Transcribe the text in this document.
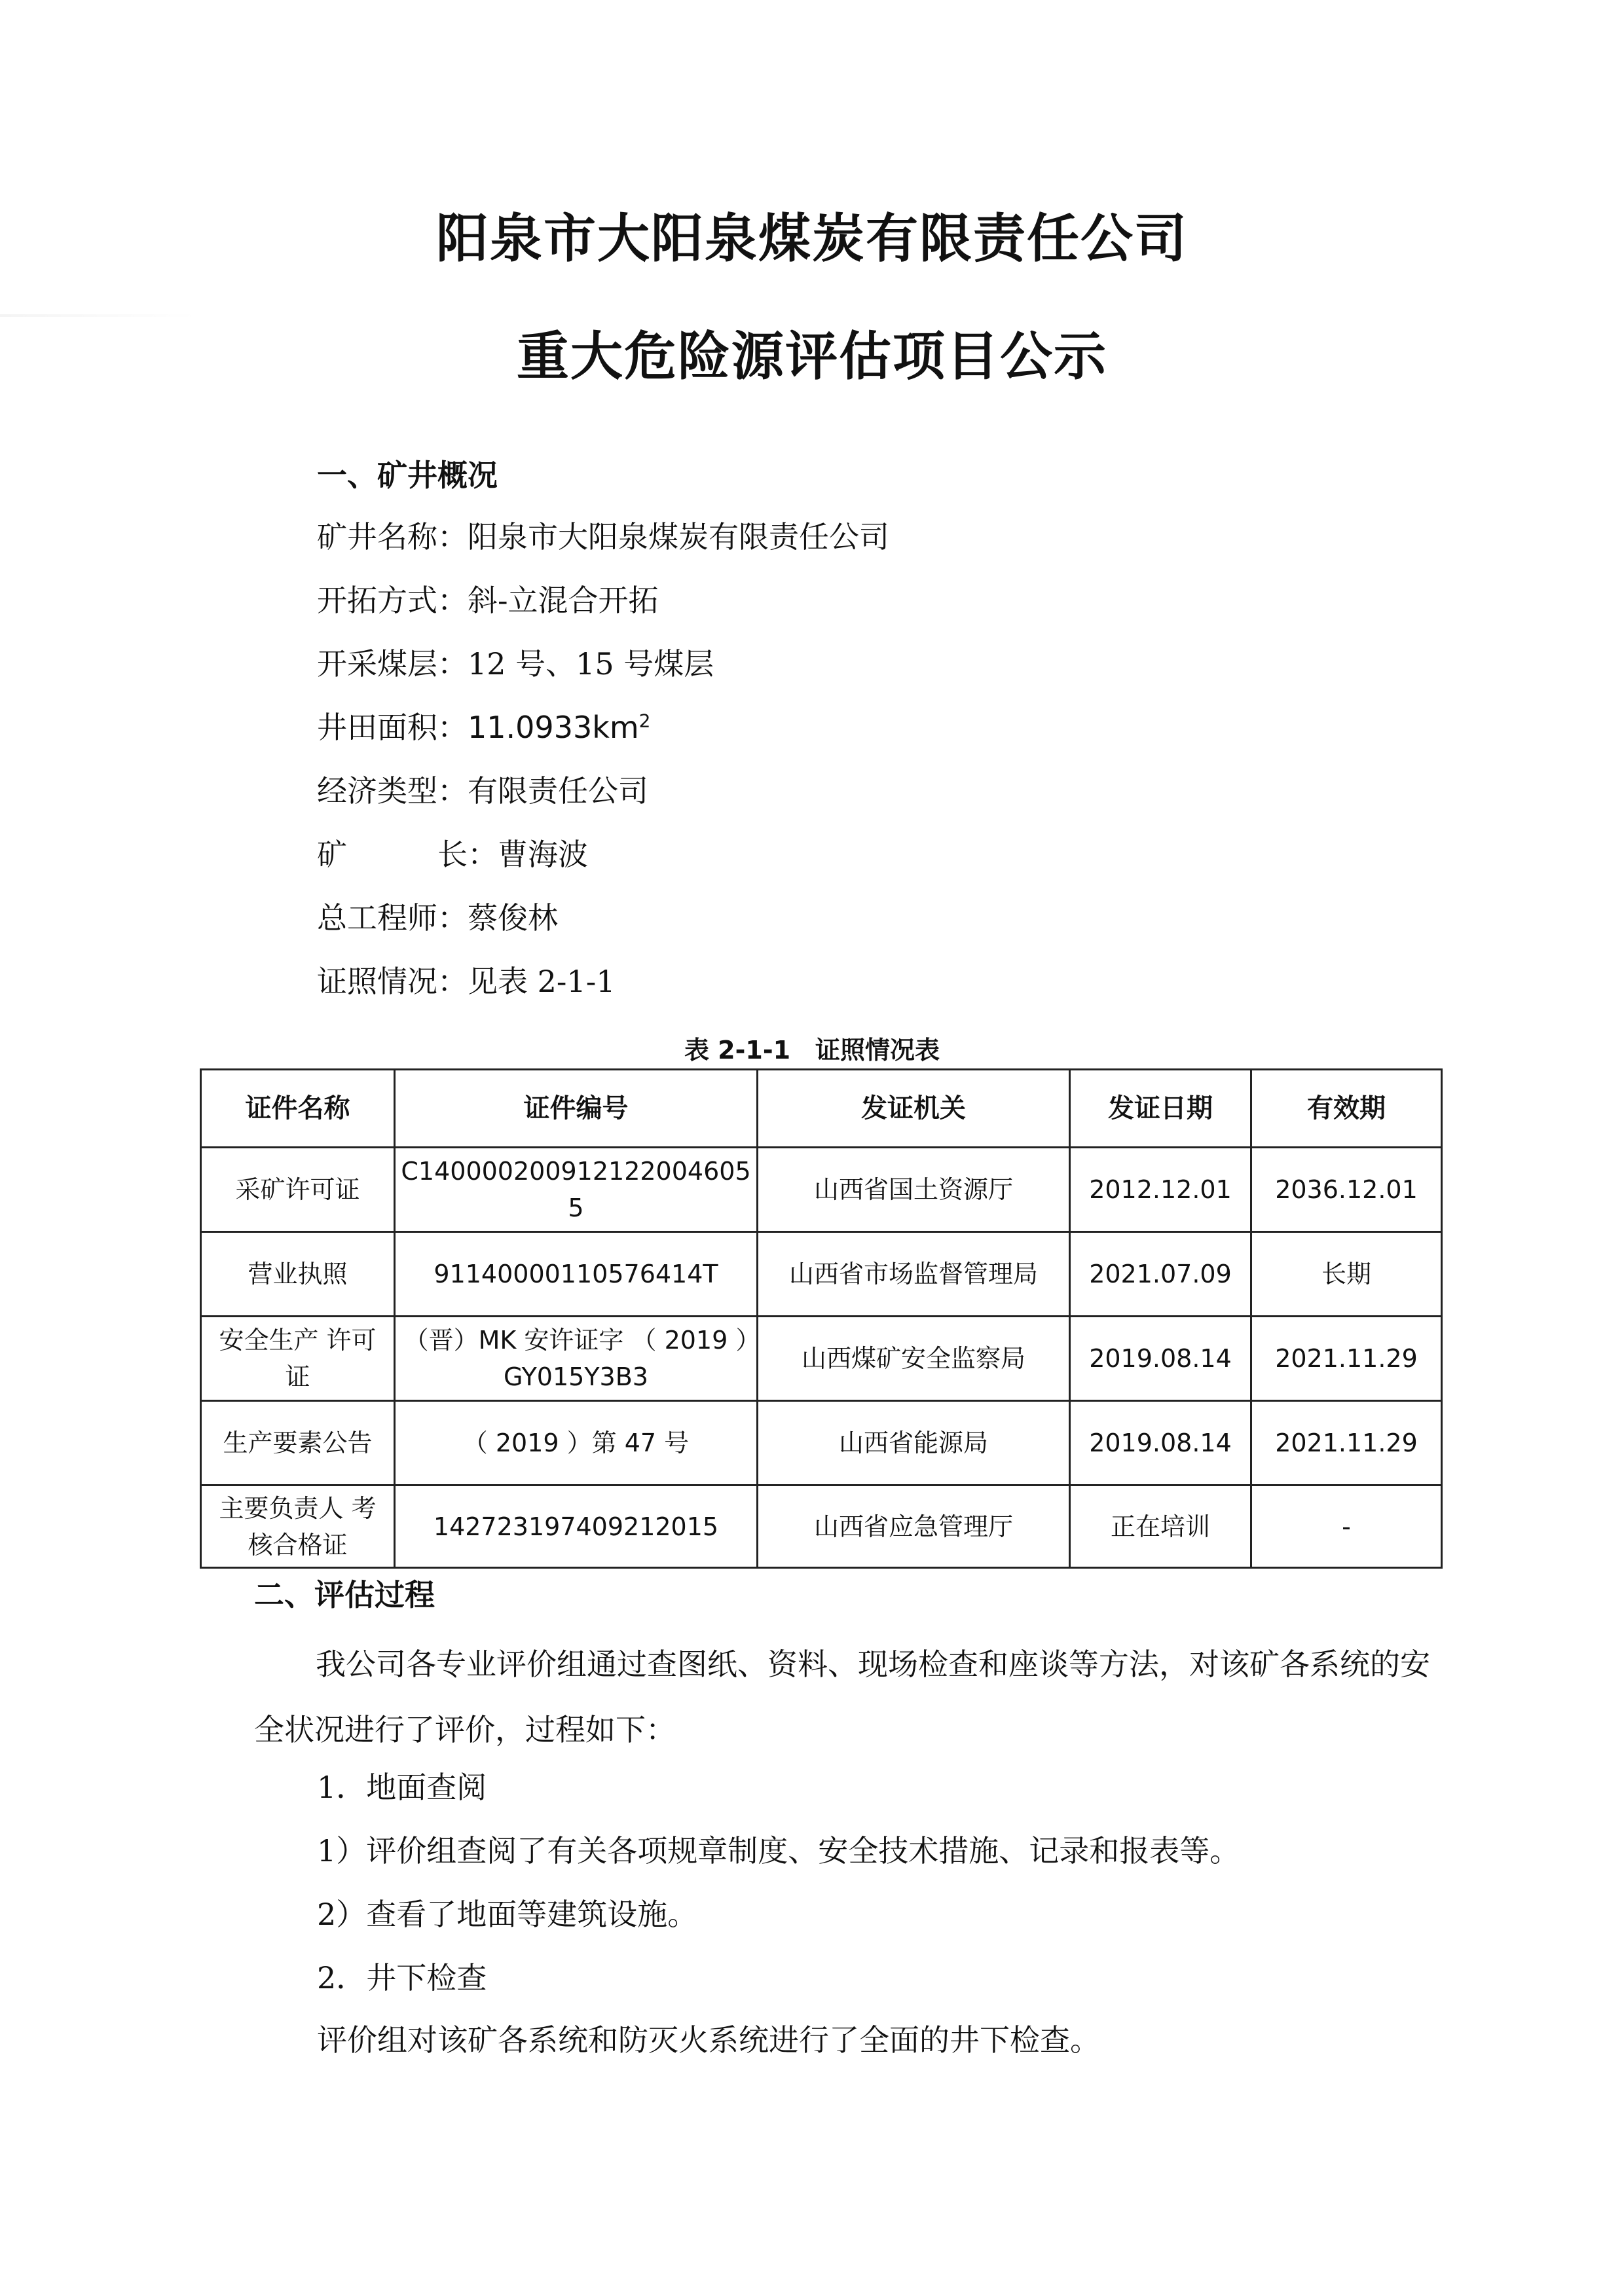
阳泉市大阳泉煤炭有限责任公司
重大危险源评估项目公示
一、矿井概况
矿井名称：阳泉市大阳泉煤炭有限责任公司
开拓方式：斜-立混合开拓
开采煤层：12 号、15 号煤层
井田面积：$11.0933km^2$
经济类型：有限责任公司
矿	长：曹海波
总工程师：蔡俊林
证照情况：见表 2-1-1
表 2-1-1　证照情况表
证件名称	证件编号	发证机关	发证日期	有效期
采矿许可证	C140000200912122004605 5	山西省国土资源厅	2012.12.01	2036.12.01
营业执照	91140000110576414T	山西省市场监督管理局	2021.07.09	长期
安全生产 许可证	（晋）MK 安许证字 （ 2019 ）GY015Y3B3	山西煤矿安全监察局	2019.08.14	2021.11.29
生产要素公告	（ 2019 ）第 47 号	山西省能源局	2019.08.14	2021.11.29
主要负责人 考核合格证	142723197409212015	山西省应急管理厅	正在培训	-
二、评估过程
我公司各专业评价组通过查图纸、资料、现场检查和座谈等方法，对该矿各系统的安全状况进行了评价，过程如下：
1．地面查阅
1）评价组查阅了有关各项规章制度、安全技术措施、记录和报表等。
2）查看了地面等建筑设施。
2．井下检查
评价组对该矿各系统和防灭火系统进行了全面的井下检查。
